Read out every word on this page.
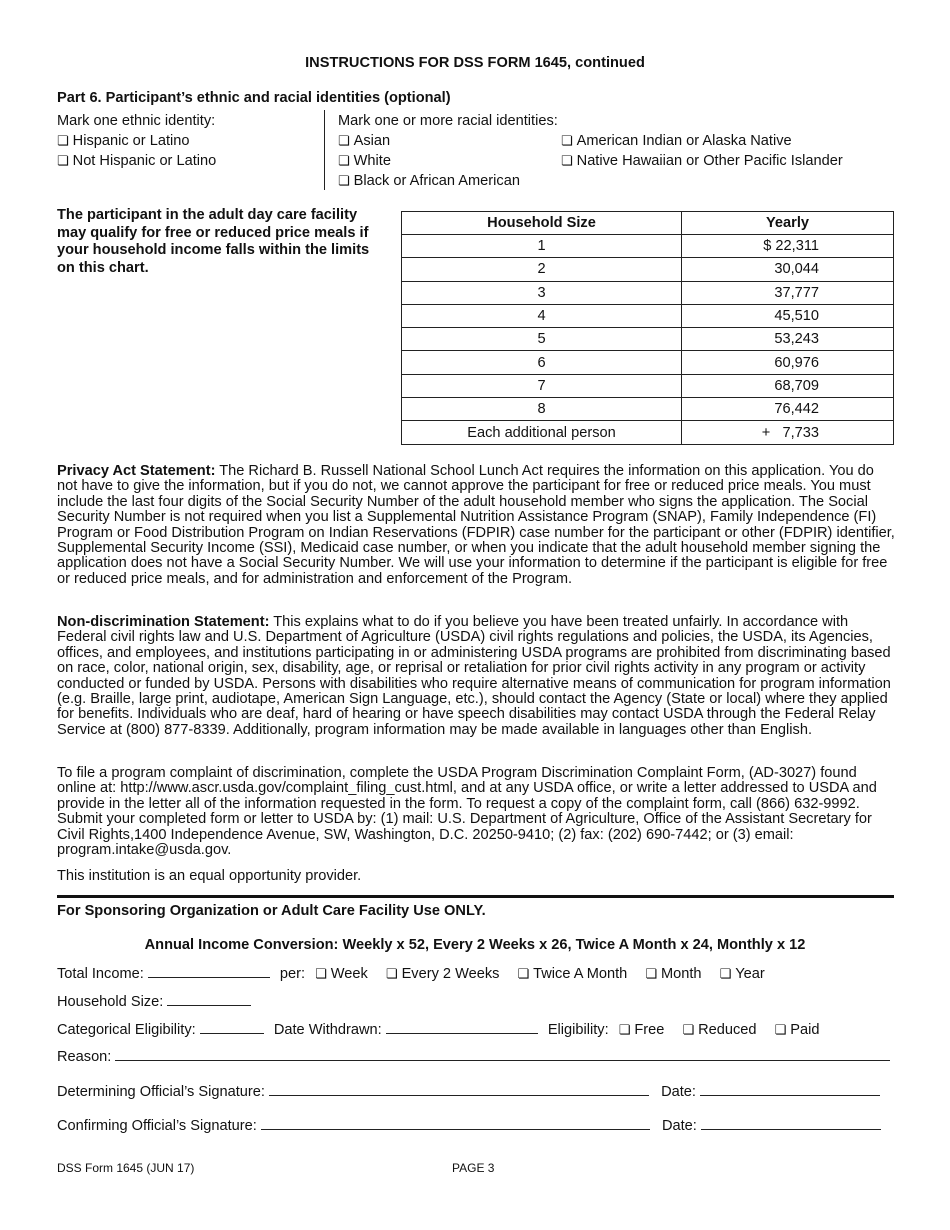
INSTRUCTIONS FOR DSS FORM 1645, continued
Part 6. Participant’s ethnic and racial identities (optional)
Mark one ethnic identity:
❏ Hispanic or Latino
❏ Not Hispanic or Latino
Mark one or more racial identities:
❏ Asian
❏ White
❏ Black or African American
❏ American Indian or Alaska Native
❏ Native Hawaiian or Other Pacific Islander
The participant in the adult day care facility may qualify for free or reduced price meals if your household income falls within the limits on this chart.
Household Size	Yearly
1	$ 22,311
2	30,044
3	37,777
4	45,510
5	53,243
6	60,976
7	68,709
8	76,442
Each additional person	+   7,733
Privacy Act Statement: The Richard B. Russell National School Lunch Act requires the information on this application. You do not have to give the information, but if you do not, we cannot approve the participant for free or reduced price meals. You must include the last four digits of the Social Security Number of the adult household member who signs the application. The Social Security Number is not required when you list a Supplemental Nutrition Assistance Program (SNAP), Family Independence (FI) Program or Food Distribution Program on Indian Reservations (FDPIR) case number for the participant or other (FDPIR) identifier, Supplemental Security Income (SSI), Medicaid case number, or when you indicate that the adult household member signing the application does not have a Social Security Number. We will use your information to determine if the participant is eligible for free or reduced price meals, and for administration and enforcement of the Program.
Non-discrimination Statement: This explains what to do if you believe you have been treated unfairly. In accordance with Federal civil rights law and U.S. Department of Agriculture (USDA) civil rights regulations and policies, the USDA, its Agencies, offices, and employees, and institutions participating in or administering USDA programs are prohibited from discriminating based on race, color, national origin, sex, disability, age, or reprisal or retaliation for prior civil rights activity in any program or activity conducted or funded by USDA. Persons with disabilities who require alternative means of communication for program information (e.g. Braille, large print, audiotape, American Sign Language, etc.), should contact the Agency (State or local) where they applied for benefits. Individuals who are deaf, hard of hearing or have speech disabilities may contact USDA through the Federal Relay Service at (800) 877-8339. Additionally, program information may be made available in languages other than English.
To file a program complaint of discrimination, complete the USDA Program Discrimination Complaint Form, (AD-3027) found online at: http://www.ascr.usda.gov/complaint_filing_cust.html, and at any USDA office, or write a letter addressed to USDA and provide in the letter all of the information requested in the form. To request a copy of the complaint form, call (866) 632-9992. Submit your completed form or letter to USDA by: (1) mail: U.S. Department of Agriculture, Office of the Assistant Secretary for Civil Rights,1400 Independence Avenue, SW, Washington, D.C. 20250-9410; (2) fax: (202) 690-7442; or (3) email: program.intake@usda.gov.
This institution is an equal opportunity provider.
For Sponsoring Organization or Adult Care Facility Use ONLY.
Annual Income Conversion: Weekly x 52, Every 2 Weeks x 26, Twice A Month x 24, Monthly x 12
Total Income:	per: ❏ Week ❏ Every 2 Weeks ❏ Twice A Month ❏ Month ❏ Year
Household Size:
Categorical Eligibility:	Date Withdrawn:	Eligibility: ❏ Free ❏ Reduced ❏ Paid
Reason:
Determining Official’s Signature:	Date:
Confirming Official’s Signature:	Date:
DSS Form 1645 (JUN 17)	PAGE 3
